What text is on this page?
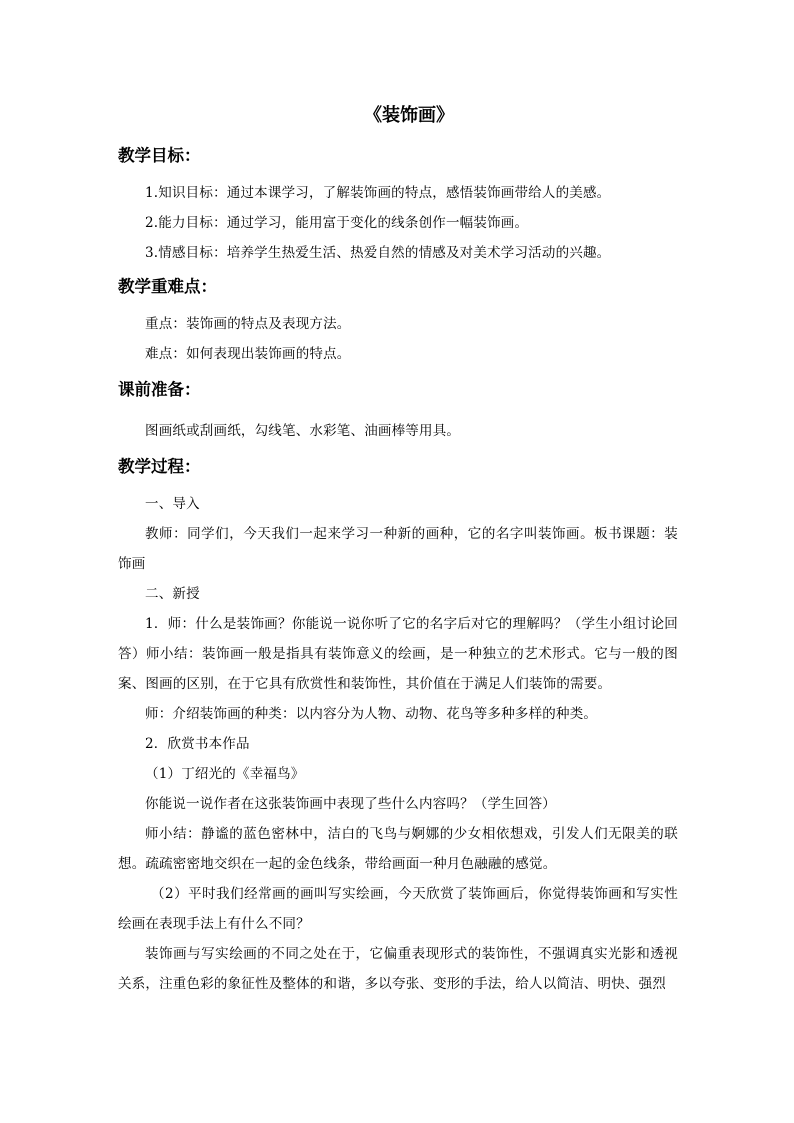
《装饰画》
教学目标：

1.知识目标：通过本课学习，了解装饰画的特点，感悟装饰画带给人的美感。

2.能力目标：通过学习，能用富于变化的线条创作一幅装饰画。

3.情感目标：培养学生热爱生活、热爱自然的情感及对美术学习活动的兴趣。

教学重难点：

重点：装饰画的特点及表现方法。

难点：如何表现出装饰画的特点。

课前准备：

图画纸或刮画纸，勾线笔、水彩笔、油画棒等用具。

教学过程：

一、导入

教师：同学们，今天我们一起来学习一种新的画种，它的名字叫装饰画。板书课题：装饰画

二、新授

1．师：什么是装饰画？你能说一说你听了它的名字后对它的理解吗？（学生小组讨论回答）师小结：装饰画一般是指具有装饰意义的绘画，是一种独立的艺术形式。它与一般的图案、图画的区别，在于它具有欣赏性和装饰性，其价值在于满足人们装饰的需要。

师：介绍装饰画的种类：以内容分为人物、动物、花鸟等多种多样的种类。

2．欣赏书本作品

（1）丁绍光的《幸福鸟》

你能说一说作者在这张装饰画中表现了些什么内容吗？（学生回答）

师小结：静谧的蓝色密林中，洁白的飞鸟与婀娜的少女相依想戏，引发人们无限美的联想。疏疏密密地交织在一起的金色线条，带给画面一种月色融融的感觉。

（2）平时我们经常画的画叫写实绘画，今天欣赏了装饰画后，你觉得装饰画和写实性绘画在表现手法上有什么不同？

装饰画与写实绘画的不同之处在于，它偏重表现形式的装饰性，不强调真实光影和透视关系，注重色彩的象征性及整体的和谐，多以夸张、变形的手法，给人以简洁、明快、强烈
